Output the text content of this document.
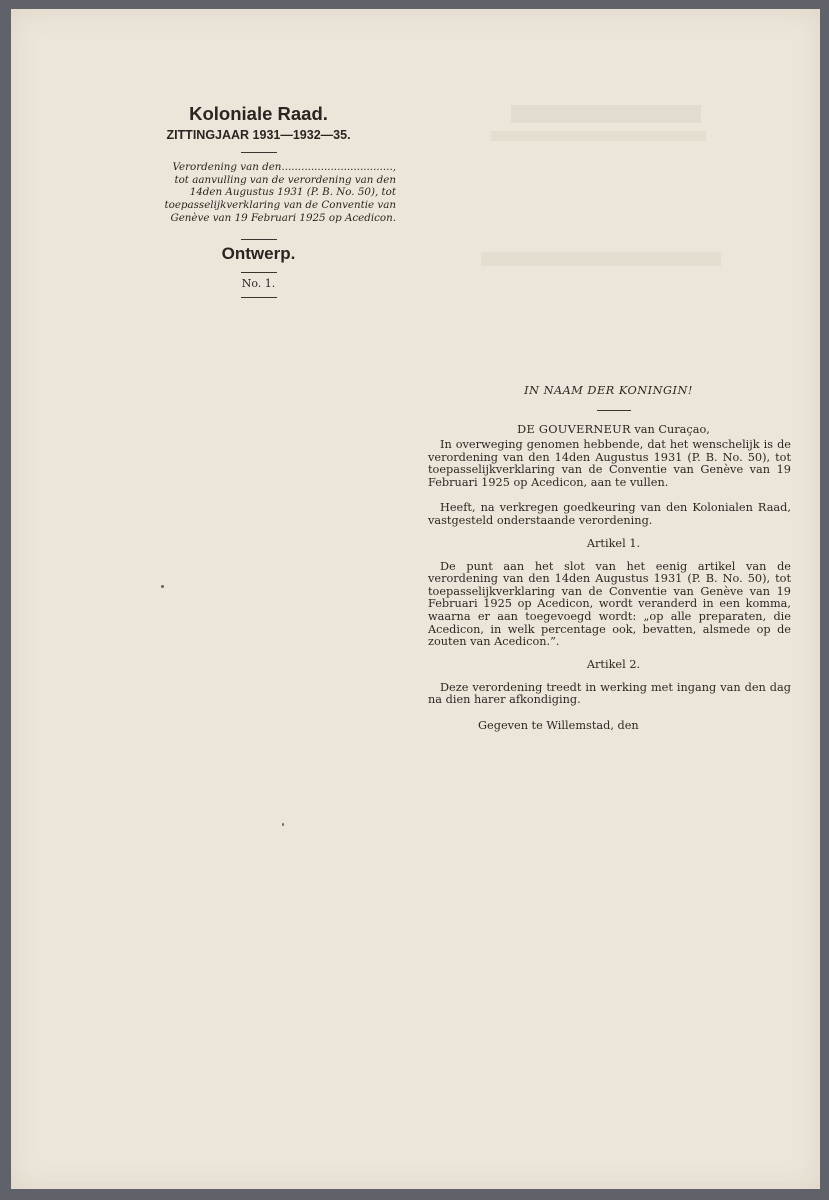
Koloniale Raad.
ZITTINGJAAR 1931—1932—35.
Verordening van den..................................,
tot aanvulling van de verordening van den
14den Augustus 1931 (P. B. No. 50), tot
toepasselijkverklaring van de Conventie van
Genève van 19 Februari 1925 op Acedicon.
Ontwerp.

No. 1.

IN NAAM DER KONINGIN!

DE GOUVERNEUR van Curaçao,

In overweging genomen hebbende, dat het wenschelijk is de verordening van den 14den Augustus 1931 (P. B. No. 50), tot toepasselijkverklaring van de Conventie van Genève van 19 Februari 1925 op Acedicon, aan te vullen.

Heeft, na verkregen goedkeuring van den Kolonialen Raad, vastgesteld onderstaande verordening.

Artikel 1.

De punt aan het slot van het eenig artikel van de verordening van den 14den Augustus 1931 (P. B. No. 50), tot toepasselijkverklaring van de Conventie van Genève van 19 Februari 1925 op Acedicon, wordt veranderd in een komma, waarna er aan toegevoegd wordt: „op alle preparaten, die Acedicon, in welk percentage ook, bevatten, alsmede op de zouten van Acedicon.”.

Artikel 2.

Deze verordening treedt in werking met ingang van den dag na dien harer afkondiging.

Gegeven te Willemstad, den
